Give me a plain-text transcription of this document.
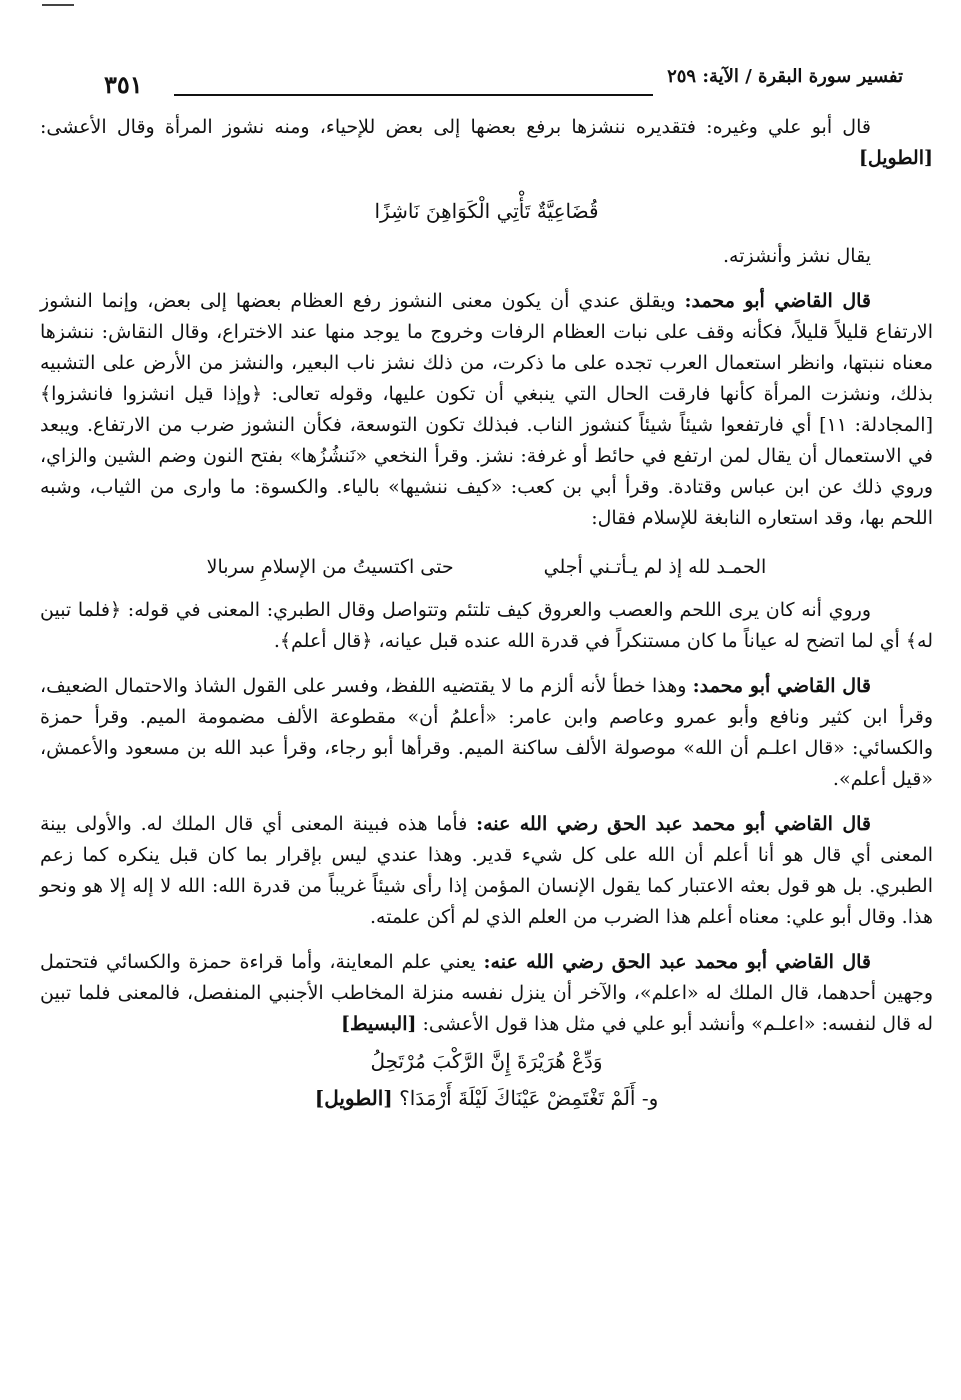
تفسير سورة البقرة / الآية: ٢٥٩
٣٥١

قال أبو علي وغيره: فتقديره ننشزها برفع بعضها إلى بعض للإحياء، ومنه نشوز المرأة وقال الأعشى: [الطويل]

قُضَاعِيَّةٌ تَأْتِي الْكَوَاهِنَ نَاشِزًا

يقال نشز وأنشزته.

قال القاضي أبو محمد: ويقلق عندي أن يكون معنى النشوز رفع العظام بعضها إلى بعض، وإنما النشوز الارتفاع قليلاً قليلاً، فكأنه وقف على نبات العظام الرفات وخروج ما يوجد منها عند الاختراع، وقال النقاش: ننشزها معناه ننبتها، وانظر استعمال العرب تجده على ما ذكرت، من ذلك نشز ناب البعير، والنشز من الأرض على التشبيه بذلك، ونشزت المرأة كأنها فارقت الحال التي ينبغي أن تكون عليها، وقوله تعالى: ﴿وإذا قيل انشزوا فانشزوا﴾ [المجادلة: ١١] أي فارتفعوا شيئاً شيئاً كنشوز الناب. فبذلك تكون التوسعة، فكأن النشوز ضرب من الارتفاع. ويبعد في الاستعمال أن يقال لمن ارتفع في حائط أو غرفة: نشز. وقرأ النخعي «نَنشُزُها» بفتح النون وضم الشين والزاي، وروي ذلك عن ابن عباس وقتادة. وقرأ أبي بن كعب: «كيف ننشيها» بالياء. والكسوة: ما وارى من الثياب، وشبه اللحم بها، وقد استعاره النابغة للإسلام فقال:

الحمـد لله إذ لم يـأتـني أجلي
حتى اكتسيتُ من الإسلامِ سربالا

وروي أنه كان يرى اللحم والعصب والعروق كيف تلتئم وتتواصل وقال الطبري: المعنى في قوله: ﴿فلما تبين له﴾ أي لما اتضح له عياناً ما كان مستنكراً في قدرة الله عنده قبل عيانه، ﴿قال أعلم﴾.

قال القاضي أبو محمد: وهذا خطأ لأنه ألزم ما لا يقتضيه اللفظ، وفسر على القول الشاذ والاحتمال الضعيف، وقرأ ابن كثير ونافع وأبو عمرو وعاصم وابن عامر: «أعلمُ أن» مقطوعة الألف مضمومة الميم. وقرأ حمزة والكسائي: «قال اعلـم أن الله» موصولة الألف ساكنة الميم. وقرأها أبو رجاء، وقرأ عبد الله بن مسعود والأعمش، «قيل أعلم».

قال القاضي أبو محمد عبد الحق رضي الله عنه: فأما هذه فبينة المعنى أي قال الملك له. والأولى بينة المعنى أي قال هو أنا أعلم أن الله على كل شيء قدير. وهذا عندي ليس بإقرار بما كان قبل ينكره كما زعم الطبري. بل هو قول بعثه الاعتبار كما يقول الإنسان المؤمن إذا رأى شيئاً غريباً من قدرة الله: الله لا إله إلا هو ونحو هذا. وقال أبو علي: معناه أعلم هذا الضرب من العلم الذي لم أكن علمته.

قال القاضي أبو محمد عبد الحق رضي الله عنه: يعني علم المعاينة، وأما قراءة حمزة والكسائي فتحتمل وجهين أحدهما، قال الملك له «اعلم»، والآخر أن ينزل نفسه منزلة المخاطب الأجنبي المنفصل، فالمعنى فلما تبين له قال لنفسه: «اعلـم» وأنشد أبو علي في مثل هذا قول الأعشى: [البسيط]

وَدِّعْ هُرَيْرَةَ إِنَّ الرَّكْبَ مُرْتَحِلُ

و- أَلَمْ تَغْتَمِضْ عَيْنَاكَ لَيْلَةَ أَرْمَدَا؟ [الطويل]
